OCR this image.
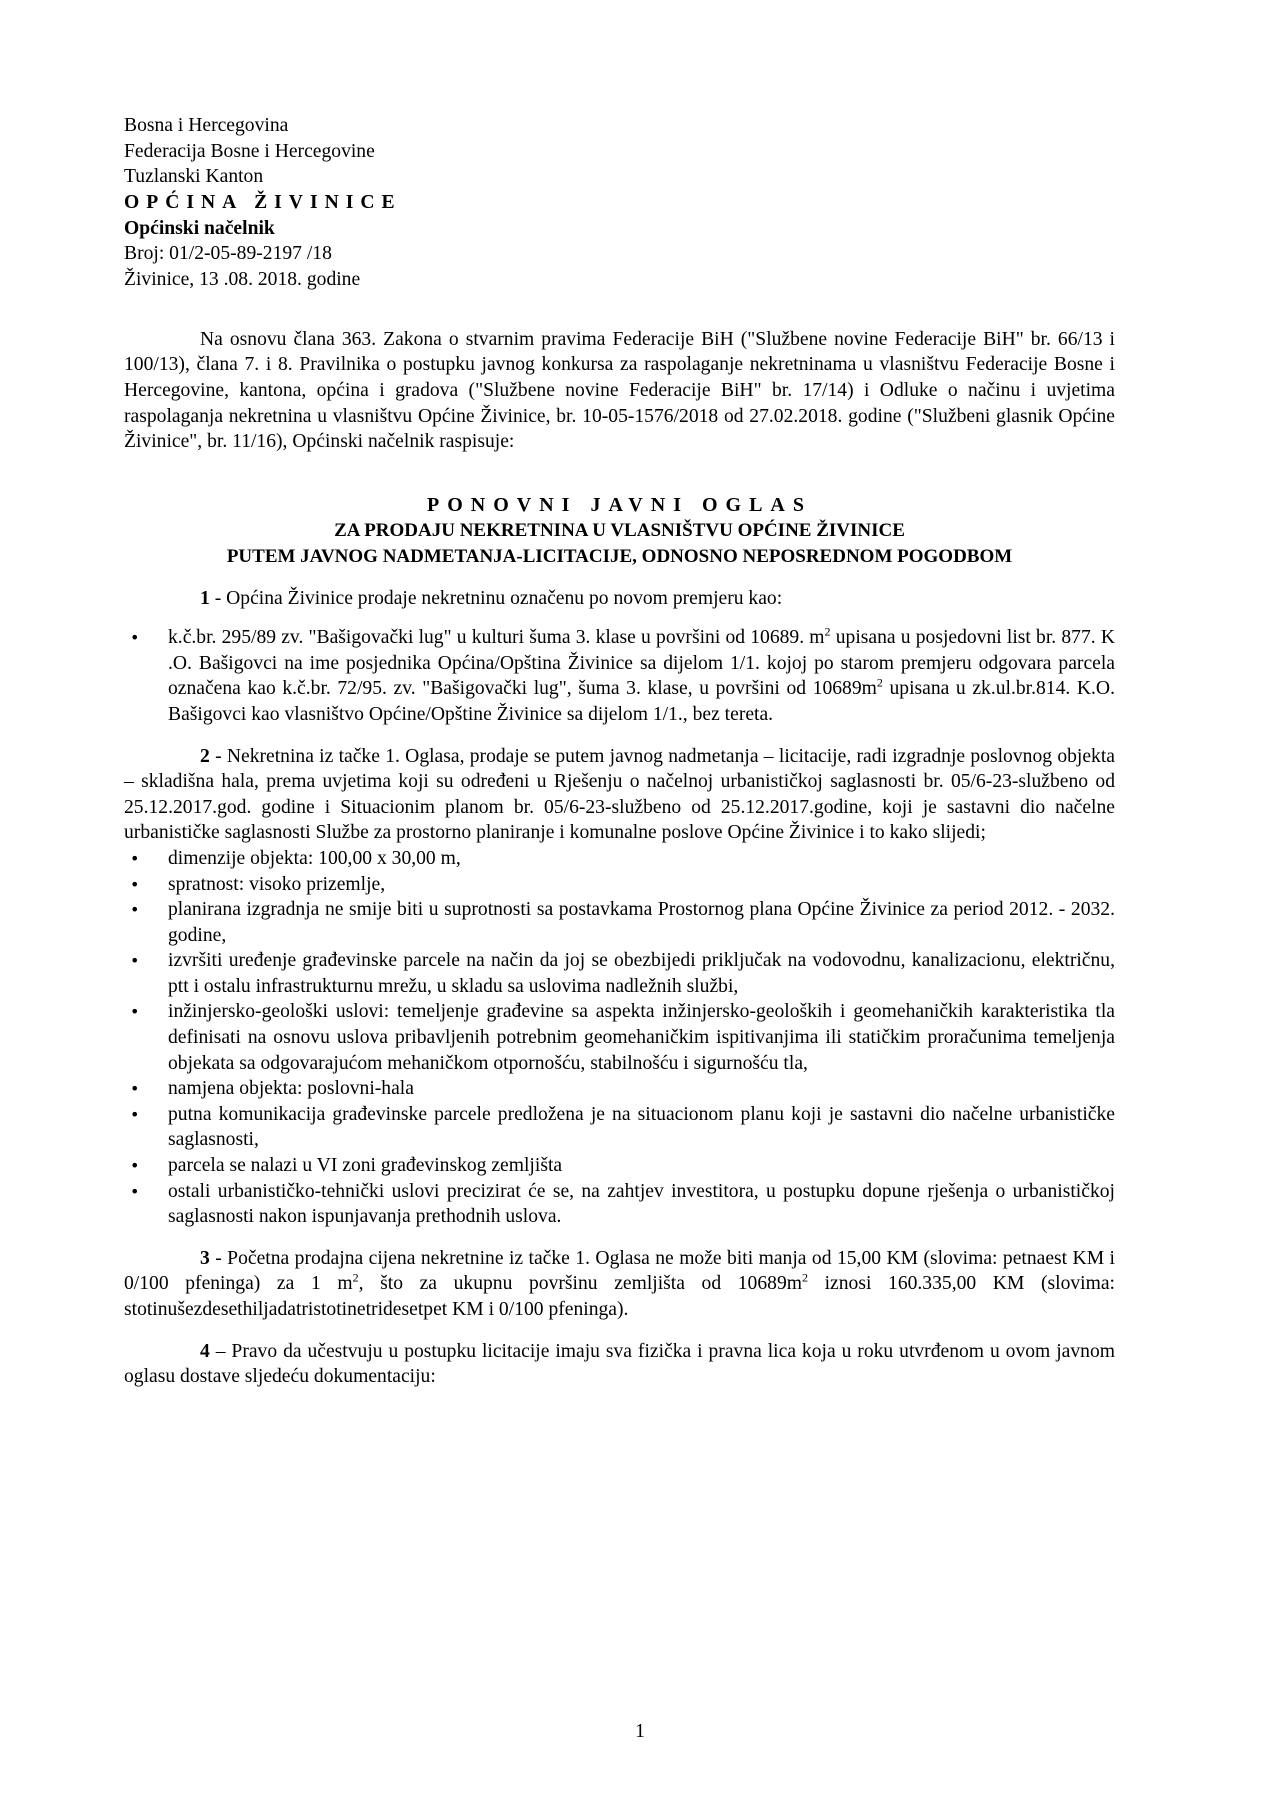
Bosna i Hercegovina
Federacija Bosne i Hercegovine
Tuzlanski Kanton
OPĆINA ŽIVINICE
Općinski načelnik
Broj: 01/2-05-89-2197 /18
Živinice, 13 .08. 2018. godine

Na osnovu člana 363. Zakona o stvarnim pravima Federacije BiH ("Službene novine Federacije BiH" br. 66/13 i 100/13), člana 7. i 8. Pravilnika o postupku javnog konkursa za raspolaganje nekretninama u vlasništvu Federacije Bosne i Hercegovine, kantona, općina i gradova ("Službene novine Federacije BiH" br. 17/14) i Odluke o načinu i uvjetima raspolaganja nekretnina u vlasništvu Općine Živinice, br. 10-05-1576/2018 od 27.02.2018. godine ("Službeni glasnik Općine Živinice", br. 11/16), Općinski načelnik raspisuje:

PONOVNI JAVNI OGLAS
ZA PRODAJU NEKRETNINA U VLASNIŠTVU OPĆINE ŽIVINICE
PUTEM JAVNOG NADMETANJA-LICITACIJE, ODNOSNO NEPOSREDNOM POGODBOM

1 - Općina Živinice prodaje nekretninu označenu po novom premjeru kao:

• k.č.br. 295/89 zv. "Bašigovački lug" u kulturi šuma 3. klase u površini od 10689. $m^2$ upisana u posjedovni list br. 877. K .O. Bašigovci na ime posjednika Općina/Opština Živinice sa dijelom 1/1. kojoj po starom premjeru odgovara parcela označena kao k.č.br. 72/95. zv. "Bašigovački lug", šuma 3. klase, u površini od $10689m^2$ upisana u zk.ul.br.814. K.O. Bašigovci kao vlasništvo Općine/Opštine Živinice sa dijelom 1/1., bez tereta.

2 - Nekretnina iz tačke 1. Oglasa, prodaje se putem javnog nadmetanja – licitacije, radi izgradnje poslovnog objekta – skladišna hala, prema uvjetima koji su određeni u Rješenju o načelnoj urbanističkoj saglasnosti br. 05/6-23-službeno od 25.12.2017.god. godine i Situacionim planom br. 05/6-23-službeno od 25.12.2017.godine, koji je sastavni dio načelne urbanističke saglasnosti Službe za prostorno planiranje i komunalne poslove Općine Živinice i to kako slijedi;

• dimenzije objekta: 100,00 x 30,00 m,
• spratnost: visoko prizemlje,
• planirana izgradnja ne smije biti u suprotnosti sa postavkama Prostornog plana Općine Živinice za period 2012. - 2032. godine,
• izvršiti uređenje građevinske parcele na način da joj se obezbijedi priključak na vodovodnu, kanalizacionu, električnu, ptt i ostalu infrastrukturnu mrežu, u skladu sa uslovima nadležnih službi,
• inžinjersko-geološki uslovi: temeljenje građevine sa aspekta inžinjersko-geoloških i geomehaničkih karakteristika tla definisati na osnovu uslova pribavljenih potrebnim geomehaničkim ispitivanjima ili statičkim proračunima temeljenja objekata sa odgovarajućom mehaničkom otpornošću, stabilnošću i sigurnošću tla,
• namjena objekta: poslovni-hala
• putna komunikacija građevinske parcele predložena je na situacionom planu koji je sastavni dio načelne urbanističke saglasnosti,
• parcela se nalazi u VI zoni građevinskog zemljišta
• ostali urbanističko-tehnički uslovi precizirat će se, na zahtjev investitora, u postupku dopune rješenja o urbanističkoj saglasnosti nakon ispunjavanja prethodnih uslova.

3 - Početna prodajna cijena nekretnine iz tačke 1. Oglasa ne može biti manja od 15,00 KM (slovima: petnaest KM i 0/100 pfeninga) za 1 $m^2$, što za ukupnu površinu zemljišta od $10689m^2$ iznosi 160.335,00 KM (slovima: stotinušezdesethiljadatristotinetridesetpet KM i 0/100 pfeninga).

4 – Pravo da učestvuju u postupku licitacije imaju sva fizička i pravna lica koja u roku utvrđenom u ovom javnom oglasu dostave sljedeću dokumentaciju:

1
